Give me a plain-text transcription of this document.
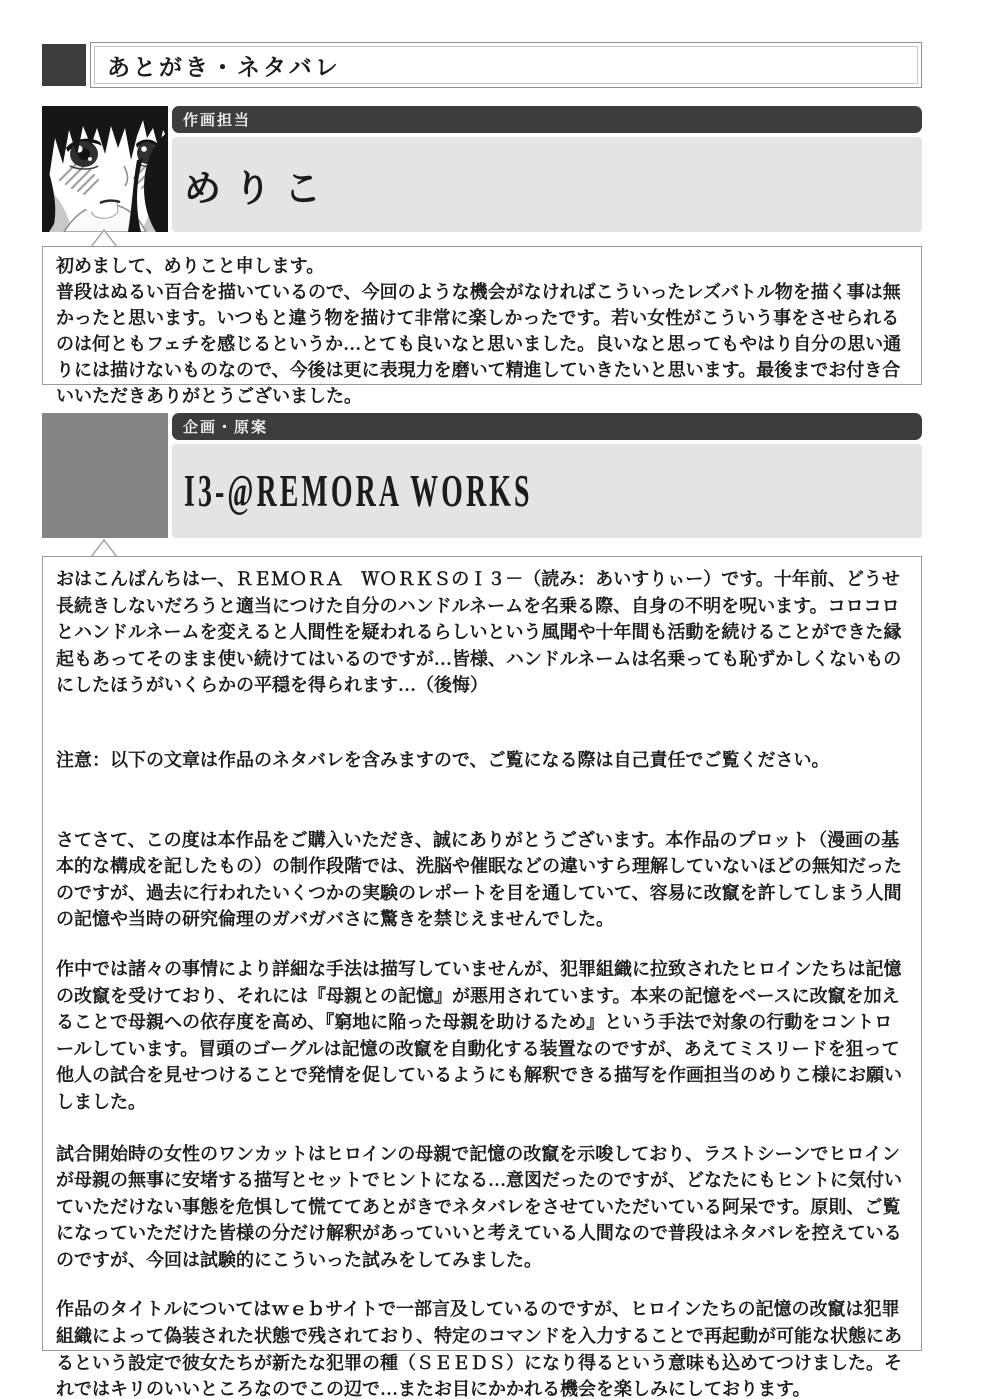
あとがき・ネタバレ
作画担当
めりこ

初めまして、めりこと申します。

普段はぬるい百合を描いているので、今回のような機会がなければこういったレズバトル物を描く事は無かったと思います。いつもと違う物を描けて非常に楽しかったです。若い女性がこういう事をさせられるのは何ともフェチを感じるというか…とても良いなと思いました。良いなと思ってもやはり自分の思い通りには描けないものなので、今後は更に表現力を磨いて精進していきたいと思います。最後までお付き合いいただきありがとうございました。

企画・原案
I3-@REMORA WORKS

おはこんばんちはー、ＲＥＭＯＲＡ　ＷＯＲＫＳのＩ３－（読み：あいすりぃー）です。十年前、どうせ長続きしないだろうと適当につけた自分のハンドルネームを名乗る際、自身の不明を呪います。コロコロとハンドルネームを変えると人間性を疑われるらしいという風聞や十年間も活動を続けることができた縁起もあってそのまま使い続けてはいるのですが…皆様、ハンドルネームは名乗っても恥ずかしくないものにしたほうがいくらかの平穏を得られます…（後悔）

注意：以下の文章は作品のネタバレを含みますので、ご覧になる際は自己責任でご覧ください。

さてさて、この度は本作品をご購入いただき、誠にありがとうございます。本作品のプロット（漫画の基本的な構成を記したもの）の制作段階では、洗脳や催眠などの違いすら理解していないほどの無知だったのですが、過去に行われたいくつかの実験のレポートを目を通していて、容易に改竄を許してしまう人間の記憶や当時の研究倫理のガバガバさに驚きを禁じえませんでした。

作中では諸々の事情により詳細な手法は描写していませんが、犯罪組織に拉致されたヒロインたちは記憶の改竄を受けており、それには『母親との記憶』が悪用されています。本来の記憶をベースに改竄を加えることで母親への依存度を高め、『窮地に陥った母親を助けるため』という手法で対象の行動をコントロールしています。冒頭のゴーグルは記憶の改竄を自動化する装置なのですが、あえてミスリードを狙って他人の試合を見せつけることで発情を促しているようにも解釈できる描写を作画担当のめりこ様にお願いしました。

試合開始時の女性のワンカットはヒロインの母親で記憶の改竄を示唆しており、ラストシーンでヒロインが母親の無事に安堵する描写とセットでヒントになる…意図だったのですが、どなたにもヒントに気付いていただけない事態を危惧して慌ててあとがきでネタバレをさせていただいている阿呆です。原則、ご覧になっていただけた皆様の分だけ解釈があっていいと考えている人間なので普段はネタバレを控えているのですが、今回は試験的にこういった試みをしてみました。

作品のタイトルについてはｗｅｂサイトで一部言及しているのですが、ヒロインたちの記憶の改竄は犯罪組織によって偽装された状態で残されており、特定のコマンドを入力することで再起動が可能な状態にあるという設定で彼女たちが新たな犯罪の種（ＳＥＥＤＳ）になり得るという意味も込めてつけました。それではキリのいいところなのでこの辺で…またお目にかかれる機会を楽しみにしております。
